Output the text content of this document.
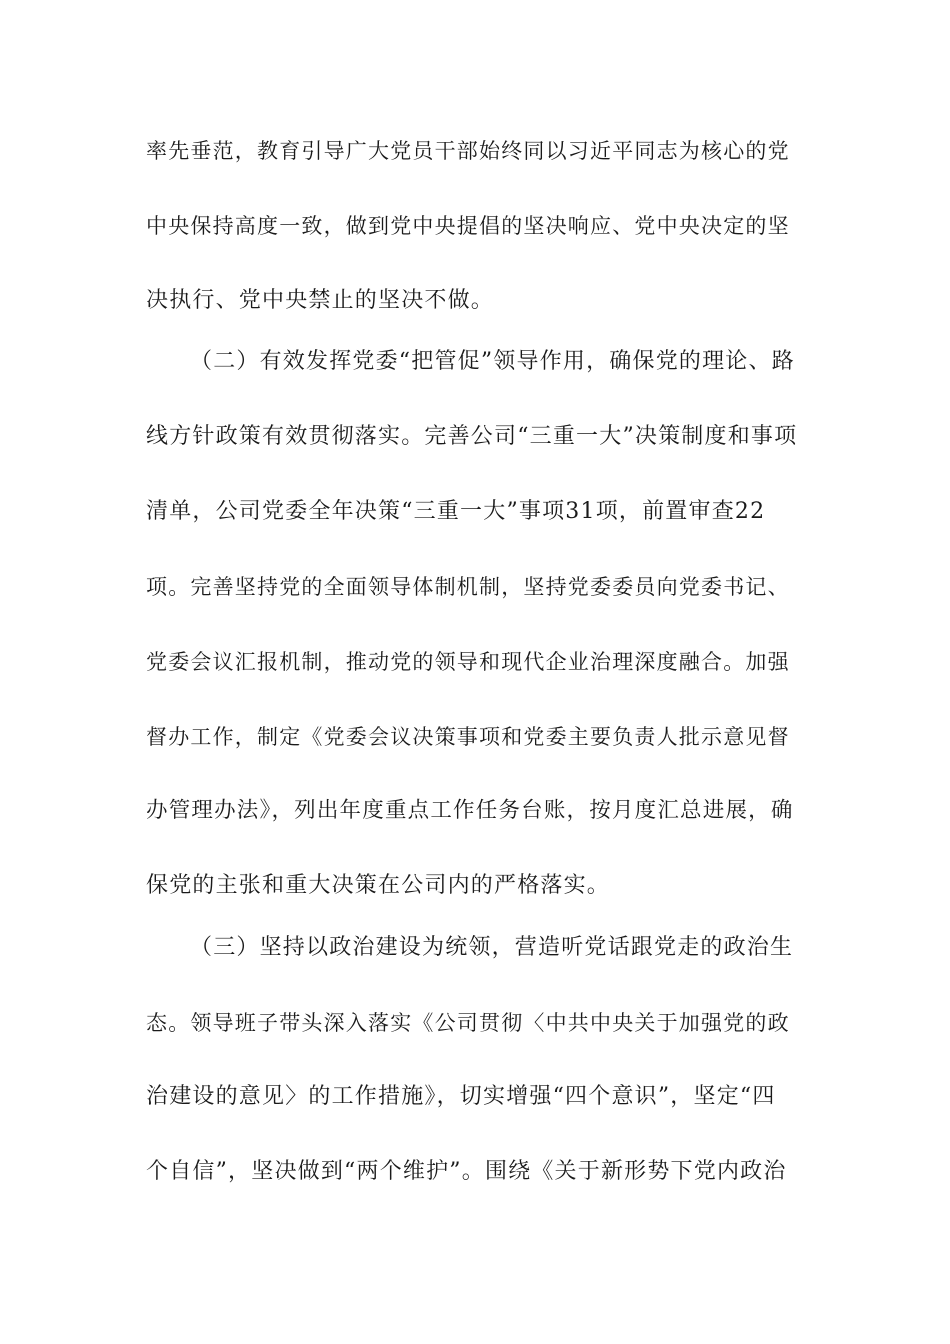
率先垂范，教育引导广大党员干部始终同以习近平同志为核心的党
中央保持高度一致，做到党中央提倡的坚决响应、党中央决定的坚
决执行、党中央禁止的坚决不做。
（二）有效发挥党委“把管促”领导作用，确保党的理论、路
线方针政策有效贯彻落实。完善公司“三重一大”决策制度和事项
清单，公司党委全年决策“三重一大”事项31项，前置审查22
项。完善坚持党的全面领导体制机制，坚持党委委员向党委书记、
党委会议汇报机制，推动党的领导和现代企业治理深度融合。加强
督办工作，制定《党委会议决策事项和党委主要负责人批示意见督
办管理办法》，列出年度重点工作任务台账，按月度汇总进展，确
保党的主张和重大决策在公司内的严格落实。
（三）坚持以政治建设为统领，营造听党话跟党走的政治生
态。领导班子带头深入落实《公司贯彻〈中共中央关于加强党的政
治建设的意见〉的工作措施》，切实增强“四个意识”，坚定“四
个自信”，坚决做到“两个维护”。围绕《关于新形势下党内政治
